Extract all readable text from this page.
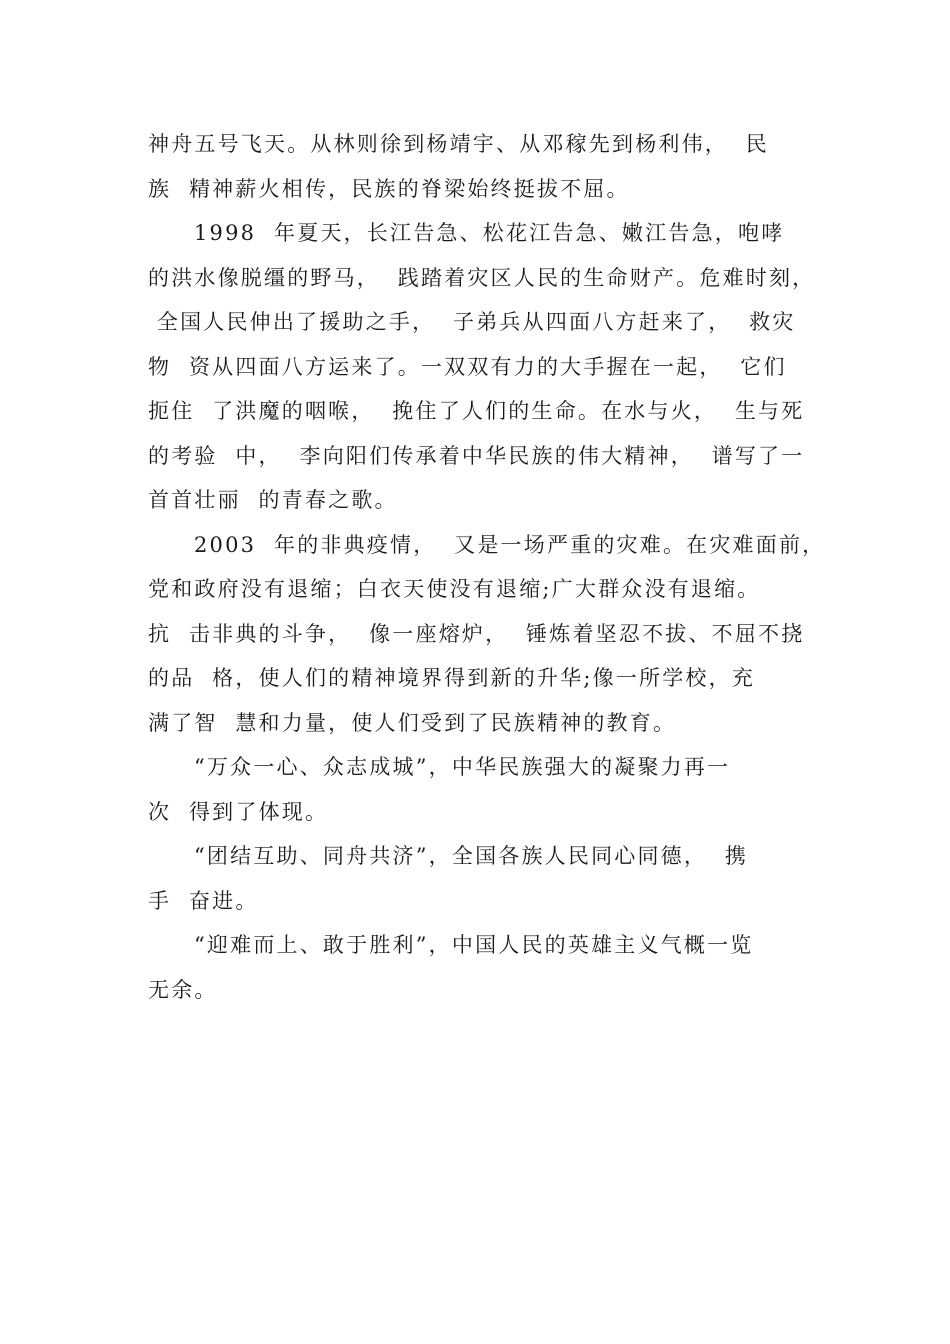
神舟五号飞天。从林则徐到杨靖宇、从邓稼先到杨利伟，  民
族  精神薪火相传，民族的脊梁始终挺拔不屈。
1998  年夏天，长江告急、松花江告急、嫩江告急，咆哮
的洪水像脱缰的野马，  践踏着灾区人民的生命财产。危难时刻，
全国人民伸出了援助之手，  子弟兵从四面八方赶来了，  救灾
物  资从四面八方运来了。一双双有力的大手握在一起，  它们
扼住  了洪魔的咽喉，  挽住了人们的生命。在水与火，  生与死
的考验  中，  李向阳们传承着中华民族的伟大精神，  谱写了一
首首壮丽  的青春之歌。
2003  年的非典疫情，  又是一场严重的灾难。在灾难面前，
党和政府没有退缩；白衣天使没有退缩;广大群众没有退缩。
抗  击非典的斗争，  像一座熔炉，  锤炼着坚忍不拔、不屈不挠
的品  格，使人们的精神境界得到新的升华;像一所学校，充
满了智  慧和力量，使人们受到了民族精神的教育。
“万众一心、众志成城”，中华民族强大的凝聚力再一
次  得到了体现。
“团结互助、同舟共济”，全国各族人民同心同德，  携
手  奋进。
“迎难而上、敢于胜利”，中国人民的英雄主义气概一览
无余。
